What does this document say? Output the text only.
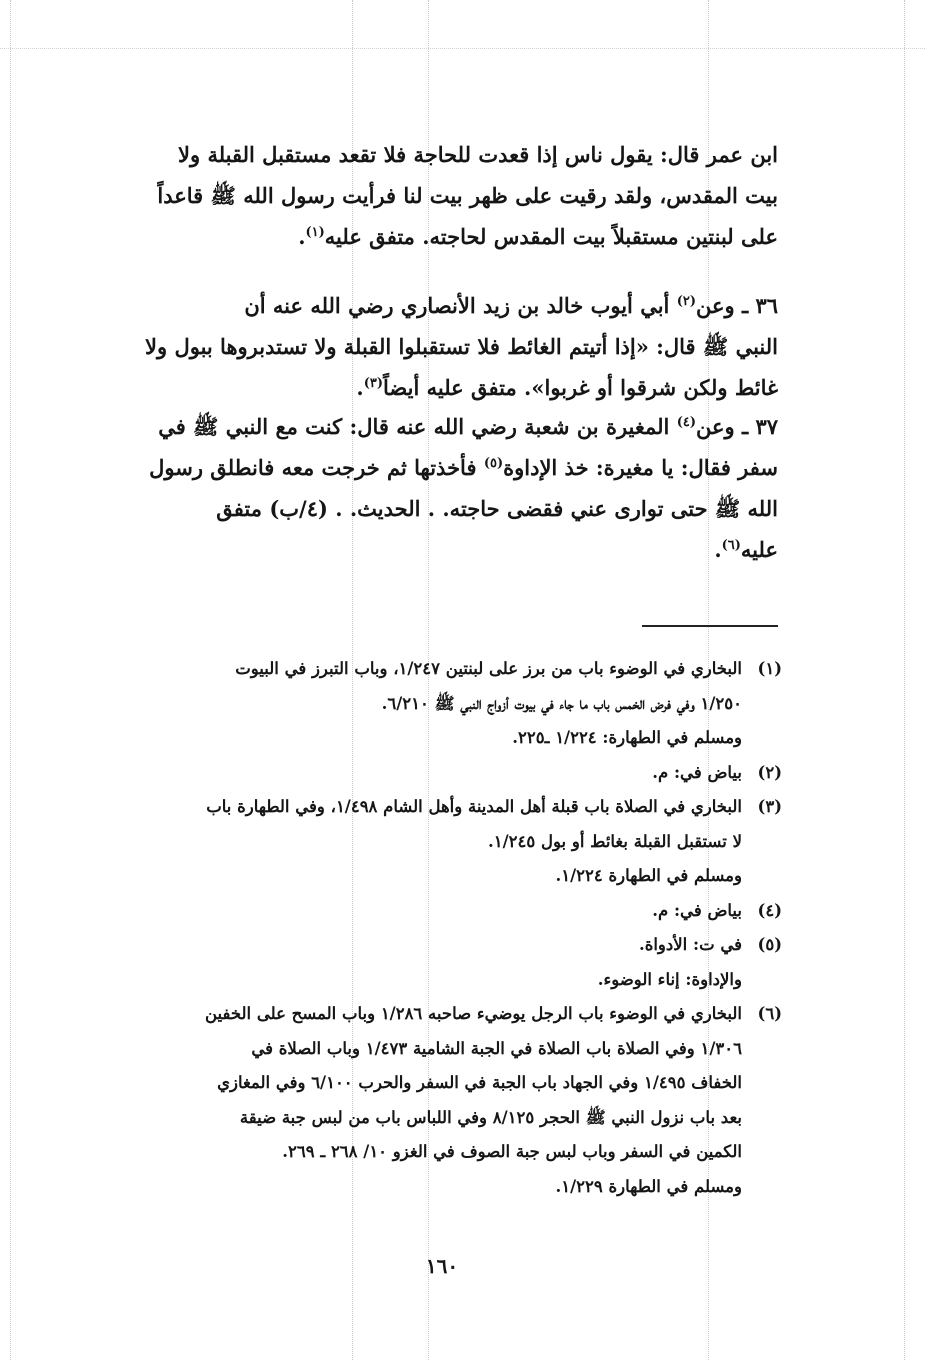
ابن عمر قال: يقول ناس إذا قعدت للحاجة فلا تقعد مستقبل القبلة ولا
بيت المقدس، ولقد رقيت على ظهر بيت لنا فرأيت رسول الله ﷺ قاعداً
على لبنتين مستقبلاً بيت المقدس لحاجته. متفق عليه$^{(١)}$.

٣٦ ـ وعن$^{(٢)}$ أبي أيوب خالد بن زيد الأنصاري رضي الله عنه أن
النبي ﷺ قال: «إذا أتيتم الغائط فلا تستقبلوا القبلة ولا تستدبروها ببول ولا
غائط ولكن شرقوا أو غربوا». متفق عليه أيضاً$^{(٣)}$.

٣٧ ـ وعن$^{(٤)}$ المغيرة بن شعبة رضي الله عنه قال: كنت مع النبي ﷺ في
سفر فقال: يا مغيرة: خذ الإداوة$^{(٥)}$ فأخذتها ثم خرجت معه فانطلق رسول
الله ﷺ حتى توارى عني فقضى حاجته. . الحديث. . (٤/ب) متفق
عليه$^{(٦)}$.

(١)
البخاري في الوضوء باب من برز على لبنتين ١/٢٤٧، وباب التبرز في البيوت
١/٢٥٠ وفي فرض الخمس باب ما جاء في بيوت أزواج النبي ﷺ ٦/٢١٠.
ومسلم في الطهارة: ١/٢٢٤ ـ٢٢٥.
(٢)
بياض في: م.
(٣)
البخاري في الصلاة باب قبلة أهل المدينة وأهل الشام ١/٤٩٨، وفي الطهارة باب
لا تستقبل القبلة بغائط أو بول ١/٢٤٥.
ومسلم في الطهارة ١/٢٢٤.
(٤)
بياض في: م.
(٥)
في ت: الأدواة.
والإداوة: إناء الوضوء.
(٦)
البخاري في الوضوء باب الرجل يوضيء صاحبه ١/٢٨٦ وباب المسح على الخفين
١/٣٠٦ وفي الصلاة باب الصلاة في الجبة الشامية ١/٤٧٣ وباب الصلاة في
الخفاف ١/٤٩٥ وفي الجهاد باب الجبة في السفر والحرب ٦/١٠٠ وفي المغازي
بعد باب نزول النبي ﷺ الحجر ٨/١٢٥ وفي اللباس باب من لبس جبة ضيقة
الكمين في السفر وباب لبس جبة الصوف في الغزو ١٠/ ٢٦٨ ـ ٢٦٩.
ومسلم في الطهارة ١/٢٢٩.
١٦٠
